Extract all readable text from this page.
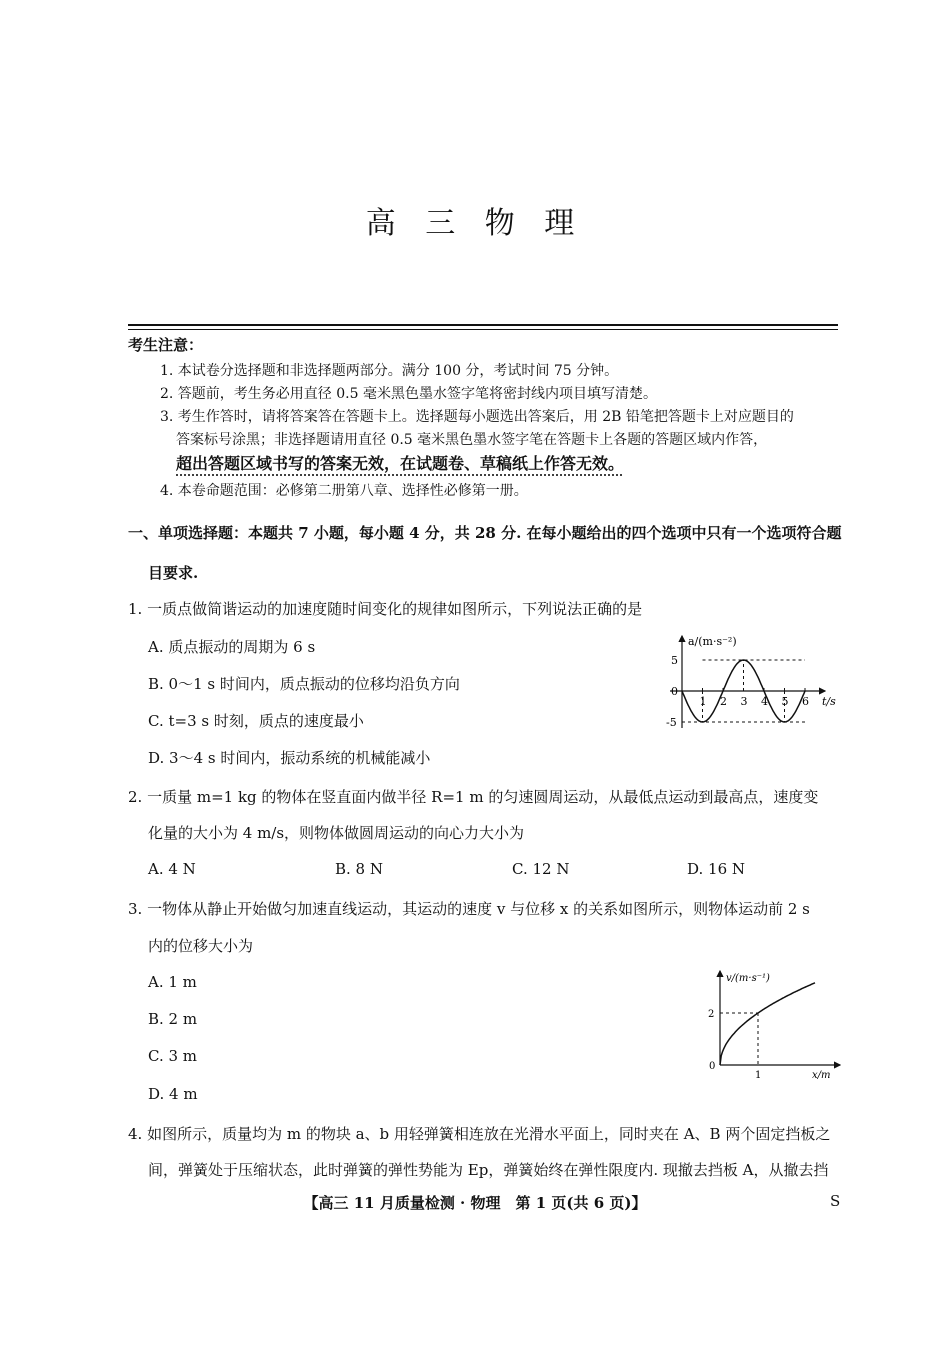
高 三 物 理
考生注意：
1. 本试卷分选择题和非选择题两部分。满分 100 分，考试时间 75 分钟。
2. 答题前，考生务必用直径 0.5 毫米黑色墨水签字笔将密封线内项目填写清楚。
3. 考生作答时，请将答案答在答题卡上。选择题每小题选出答案后，用 2B 铅笔把答题卡上对应题目的
答案标号涂黑；非选择题请用直径 0.5 毫米黑色墨水签字笔在答题卡上各题的答题区域内作答，
超出答题区域书写的答案无效，在试题卷、草稿纸上作答无效。
4. 本卷命题范围：必修第二册第八章、选择性必修第一册。
一、单项选择题：本题共 7 小题，每小题 4 分，共 28 分. 在每小题给出的四个选项中只有一个选项符合题
目要求.
1. 一质点做简谐运动的加速度随时间变化的规律如图所示，下列说法正确的是
A. 质点振动的周期为 6 s
B. 0～1 s 时间内，质点振动的位移均沿负方向
C. t=3 s 时刻，质点的速度最小
D. 3～4 s 时间内，振动系统的机械能减小
a/(m·s⁻²)
t/s
1 2 3 4 5 6
5
0
-5
2. 一质量 m=1 kg 的物体在竖直面内做半径 R=1 m 的匀速圆周运动，从最低点运动到最高点，速度变
化量的大小为 4 m/s，则物体做圆周运动的向心力大小为
A. 4 N	B. 8 N	C. 12 N	D. 16 N
3. 一物体从静止开始做匀加速直线运动，其运动的速度 v 与位移 x 的关系如图所示，则物体运动前 2 s
内的位移大小为
A. 1 m
B. 2 m
C. 3 m
D. 4 m
v/(m·s⁻¹)
x/m
0
1
2
4. 如图所示，质量均为 m 的物块 a、b 用轻弹簧相连放在光滑水平面上，同时夹在 A、B 两个固定挡板之
间，弹簧处于压缩状态，此时弹簧的弹性势能为 Ep，弹簧始终在弹性限度内. 现撤去挡板 A，从撤去挡
【高三 11 月质量检测 · 物理　第 1 页(共 6 页)】	S
